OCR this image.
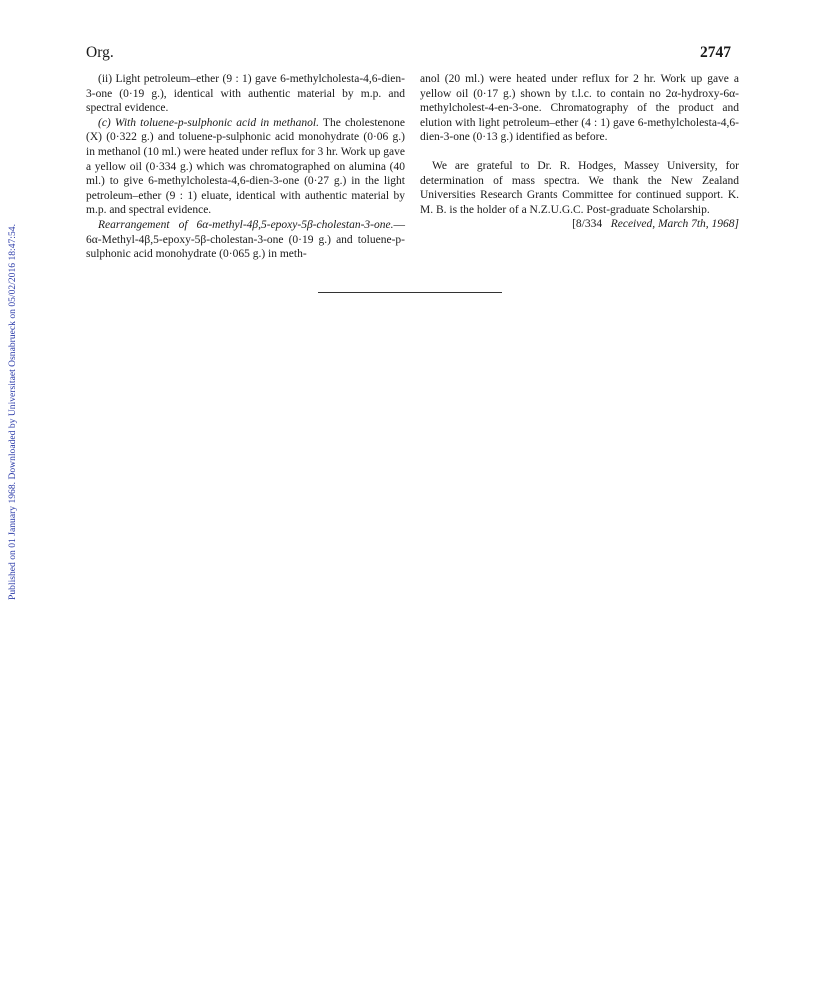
Published on 01 January 1968. Downloaded by Universitaet Osnabrueck on 05/02/2016 18:47:54.
Org.	2747

(ii) Light petroleum–ether (9 : 1) gave 6-methylcholesta-4,6-dien-3-one (0·19 g.), identical with authentic material by m.p. and spectral evidence.

(c) With toluene-p-sulphonic acid in methanol. The cholestenone (X) (0·322 g.) and toluene-p-sulphonic acid monohydrate (0·06 g.) in methanol (10 ml.) were heated under reflux for 3 hr. Work up gave a yellow oil (0·334 g.) which was chromatographed on alumina (40 ml.) to give 6-methylcholesta-4,6-dien-3-one (0·27 g.) in the light petroleum–ether (9 : 1) eluate, identical with authentic material by m.p. and spectral evidence.

Rearrangement of 6α-methyl-4β,5-epoxy-5β-cholestan-3-one.—6α-Methyl-4β,5-epoxy-5β-cholestan-3-one (0·19 g.) and toluene-p-sulphonic acid monohydrate (0·065 g.) in meth-

anol (20 ml.) were heated under reflux for 2 hr. Work up gave a yellow oil (0·17 g.) shown by t.l.c. to contain no 2α-hydroxy-6α-methylcholest-4-en-3-one. Chromatography of the product and elution with light petroleum–ether (4 : 1) gave 6-methylcholesta-4,6-dien-3-one (0·13 g.) identified as before.

We are grateful to Dr. R. Hodges, Massey University, for determination of mass spectra. We thank the New Zealand Universities Research Grants Committee for continued support. K. M. B. is the holder of a N.Z.U.G.C. Post-graduate Scholarship.

[8/334 Received, March 7th, 1968]
